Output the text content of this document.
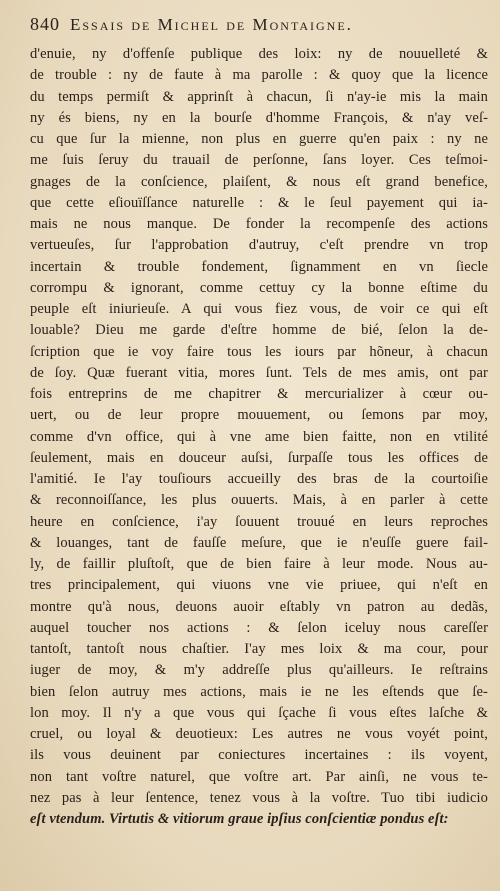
840 Essais de Michel de Montaigne.
d'enuie, ny d'offenſe publique des loix: ny de nouuelleté &
de trouble : ny de faute à ma parolle : & quoy que la licence
du temps permiſt & apprinſt à chacun, ſi n'ay-ie mis la main
ny és biens, ny en la bourſe d'homme François, & n'ay veſ-
cu que ſur la mienne, non plus en guerre qu'en paix : ny ne
me ſuis ſeruy du trauail de perſonne, ſans loyer. Ces teſmoi-
gnages de la conſcience, plaiſent, & nous eſt grand benefice,
que cette eſiouïſſance naturelle : & le ſeul payement qui ia-
mais ne nous manque. De fonder la recompenſe des actions
vertueuſes, ſur l'approbation d'autruy, c'eſt prendre vn trop
incertain & trouble fondement, ſignamment en vn ſiecle
corrompu & ignorant, comme cettuy cy la bonne eſtime du
peuple eſt iniurieuſe. A qui vous fiez vous, de voir ce qui eſt
louable? Dieu me garde d'eſtre homme de bié, ſelon la de-
ſcription que ie voy faire tous les iours par hõneur, à chacun
de ſoy. Quæ fuerant vitia, mores ſunt. Tels de mes amis, ont par
fois entreprins de me chapitrer & mercurializer à cœur ou-
uert, ou de leur propre mouuement, ou ſemons par moy,
comme d'vn office, qui à vne ame bien faitte, non en vtilité
ſeulement, mais en douceur auſsi, ſurpaſſe tous les offices de
l'amitié. Ie l'ay touſiours accueilly des bras de la courtoiſie
& reconnoiſſance, les plus ouuerts. Mais, à en parler à cette
heure en conſcience, i'ay ſouuent trouué en leurs reproches
& louanges, tant de fauſſe meſure, que ie n'euſſe guere fail-
ly, de faillir pluſtoſt, que de bien faire à leur mode. Nous au-
tres principalement, qui viuons vne vie priuee, qui n'eſt en
montre qu'à nous, deuons auoir eſtably vn patron au dedãs,
auquel toucher nos actions : & ſelon iceluy nous careſſer
tantoſt, tantoſt nous chaſtier. I'ay mes loix & ma cour, pour
iuger de moy, & m'y addreſſe plus qu'ailleurs. Ie reſtrains
bien ſelon autruy mes actions, mais ie ne les eſtends que ſe-
lon moy. Il n'y a que vous qui ſçache ſi vous eſtes laſche &
cruel, ou loyal & deuotieux: Les autres ne vous voyét point,
ils vous deuinent par coniectures incertaines : ils voyent,
non tant voſtre naturel, que voſtre art. Par ainſi, ne vous te-
nez pas à leur ſentence, tenez vous à la voſtre. Tuo tibi iudicio
eſt vtendum. Virtutis & vitiorum graue ipſius conſcientiæ pondus eſt:
